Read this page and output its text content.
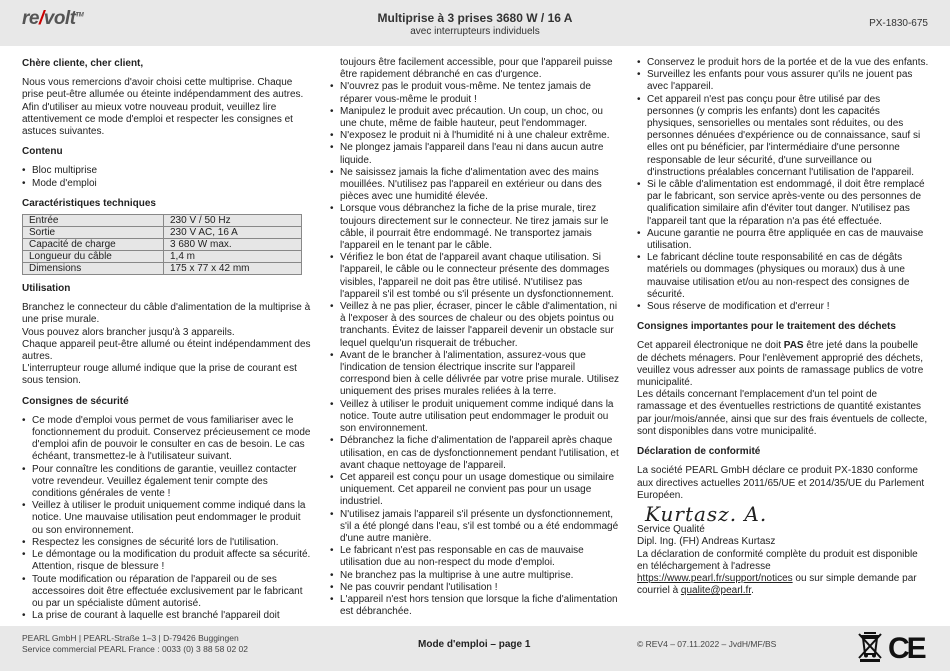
re/volt™	Multiprise à 3 prises 3680 W / 16 A
avec interrupteurs individuels
PX-1830-675
Chère cliente, cher client,

Nous vous remercions d'avoir choisi cette multiprise. Chaque prise peut-être allumée ou éteinte indépendamment des autres. Afin d'utiliser au mieux votre nouveau produit, veuillez lire attentivement ce mode d'emploi et respecter les consignes et astuces suivantes.

Contenu
• Bloc multiprise
• Mode d'emploi
Caractéristiques techniques
Entrée	230 V / 50 Hz
Sortie	230 V AC, 16 A
Capacité de charge	3 680 W max.
Longueur du câble	1,4 m
Dimensions	175 x 77 x 42 mm
Utilisation

Branchez le connecteur du câble d'alimentation de la multiprise à une prise murale.

Vous pouvez alors brancher jusqu'à 3 appareils.

Chaque appareil peut-être allumé ou éteint indépendamment des autres.

L'interrupteur rouge allumé indique que la prise de courant est sous tension.

Consignes de sécurité
• Ce mode d'emploi vous permet de vous familiariser avec le fonctionnement du produit. Conservez précieusement ce mode d'emploi afin de pouvoir le consulter en cas de besoin. Le cas échéant, transmettez-le à l'utilisateur suivant.
• Pour connaître les conditions de garantie, veuillez contacter votre revendeur. Veuillez également tenir compte des conditions générales de vente !
• Veillez à utiliser le produit uniquement comme indiqué dans la notice. Une mauvaise utilisation peut endommager le produit ou son environnement.
• Respectez les consignes de sécurité lors de l'utilisation.
• Le démontage ou la modification du produit affecte sa sécurité. Attention, risque de blessure !
• Toute modification ou réparation de l'appareil ou de ses accessoires doit être effectuée exclusivement par le fabricant ou par un spécialiste dûment autorisé.
• La prise de courant à laquelle est branché l'appareil doit

toujours être facilement accessible, pour que l'appareil puisse être rapidement débranché en cas d'urgence.

• N'ouvrez pas le produit vous-même. Ne tentez jamais de réparer vous-même le produit !
• Manipulez le produit avec précaution. Un coup, un choc, ou une chute, même de faible hauteur, peut l'endommager.
• N'exposez le produit ni à l'humidité ni à une chaleur extrême.
• Ne plongez jamais l'appareil dans l'eau ni dans aucun autre liquide.
• Ne saisissez jamais la fiche d'alimentation avec des mains mouillées. N'utilisez pas l'appareil en extérieur ou dans des pièces avec une humidité élevée.
• Lorsque vous débranchez la fiche de la prise murale, tirez toujours directement sur le connecteur. Ne tirez jamais sur le câble, il pourrait être endommagé. Ne transportez jamais l'appareil en le tenant par le câble.
• Vérifiez le bon état de l'appareil avant chaque utilisation. Si l'appareil, le câble ou le connecteur présente des dommages visibles, l'appareil ne doit pas être utilisé. N'utilisez pas l'appareil s'il est tombé ou s'il présente un dysfonctionnement.
• Veillez à ne pas plier, écraser, pincer le câble d'alimentation, ni à l'exposer à des sources de chaleur ou des objets pointus ou tranchants. Évitez de laisser l'appareil devenir un obstacle sur lequel quelqu'un risquerait de trébucher.
• Avant de le brancher à l'alimentation, assurez-vous que l'indication de tension électrique inscrite sur l'appareil correspond bien à celle délivrée par votre prise murale. Utilisez uniquement des prises murales reliées à la terre.
• Veillez à utiliser le produit uniquement comme indiqué dans la notice. Toute autre utilisation peut endommager le produit ou son environnement.
• Débranchez la fiche d'alimentation de l'appareil après chaque utilisation, en cas de dysfonctionnement pendant l'utilisation, et avant chaque nettoyage de l'appareil.
• Cet appareil est conçu pour un usage domestique ou similaire uniquement. Cet appareil ne convient pas pour un usage industriel.
• N'utilisez jamais l'appareil s'il présente un dysfonctionnement, s'il a été plongé dans l'eau, s'il est tombé ou a été endommagé d'une autre manière.
• Le fabricant n'est pas responsable en cas de mauvaise utilisation due au non-respect du mode d'emploi.
• Ne branchez pas la multiprise à une autre multiprise.
• Ne pas couvrir pendant l'utilisation !
• L'appareil n'est hors tension que lorsque la fiche d'alimentation est débranchée.
• Conservez le produit hors de la portée et de la vue des enfants.
• Surveillez les enfants pour vous assurer qu'ils ne jouent pas avec l'appareil.
• Cet appareil n'est pas conçu pour être utilisé par des personnes (y compris les enfants) dont les capacités physiques, sensorielles ou mentales sont réduites, ou des personnes dénuées d'expérience ou de connaissance, sauf si elles ont pu bénéficier, par l'intermédiaire d'une personne responsable de leur sécurité, d'une surveillance ou d'instructions préalables concernant l'utilisation de l'appareil.
• Si le câble d'alimentation est endommagé, il doit être remplacé par le fabricant, son service après-vente ou des personnes de qualification similaire afin d'éviter tout danger. N'utilisez pas l'appareil tant que la réparation n'a pas été effectuée.
• Aucune garantie ne pourra être appliquée en cas de mauvaise utilisation.
• Le fabricant décline toute responsabilité en cas de dégâts matériels ou dommages (physiques ou moraux) dus à une mauvaise utilisation et/ou au non-respect des consignes de sécurité.
• Sous réserve de modification et d'erreur !
Consignes importantes pour le traitement des déchets

Cet appareil électronique ne doit PAS être jeté dans la poubelle de déchets ménagers. Pour l'enlèvement approprié des déchets, veuillez vous adresser aux points de ramassage publics de votre municipalité.

Les détails concernant l'emplacement d'un tel point de ramassage et des éventuelles restrictions de quantité existantes par jour/mois/année, ainsi que sur des frais éventuels de collecte, sont disponibles dans votre municipalité.

Déclaration de conformité

La société PEARL GmbH déclare ce produit PX-1830 conforme aux directives actuelles 2011/65/UE et 2014/35/UE du Parlement Européen.

Kurtasz. A.

Service Qualité

Dipl. Ing. (FH) Andreas Kurtasz

La déclaration de conformité complète du produit est disponible en téléchargement à l'adresse https://www.pearl.fr/support/notices ou sur simple demande par courriel à qualite@pearl.fr.

PEARL GmbH | PEARL-Straße 1–3 | D-79426 Buggingen
Service commercial PEARL France : 0033 (0) 3 88 58 02 02	Mode d'emploi – page 1	© REV4 – 07.11.2022 – JvdH/MF/BS	CE
